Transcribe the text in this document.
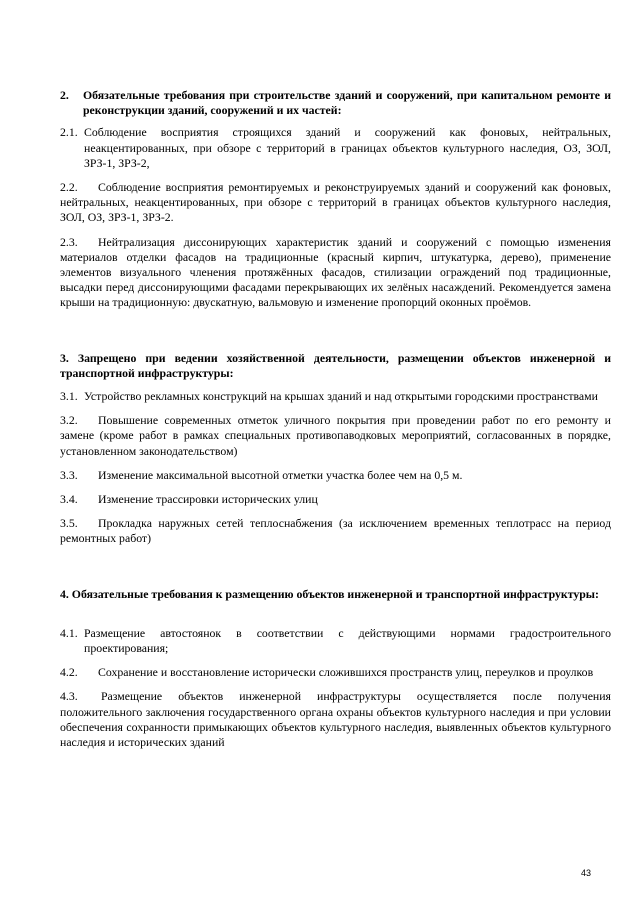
2. Обязательные требования при строительстве зданий и сооружений, при капитальном ремонте и реконструкции зданий, сооружений и их частей:

2.1. Соблюдение восприятия строящихся зданий и сооружений как фоновых, нейтральных, неакцентированных, при обзоре с территорий в границах объектов культурного наследия, ОЗ, ЗОЛ, ЗРЗ-1, ЗРЗ-2,

2.2. Соблюдение восприятия ремонтируемых и реконструируемых зданий и сооружений как фоновых, нейтральных, неакцентированных, при обзоре с территорий в границах объектов культурного наследия, ЗОЛ, ОЗ, ЗРЗ-1, ЗРЗ-2.

2.3. Нейтрализация диссонирующих характеристик зданий и сооружений с помощью изменения материалов отделки фасадов на традиционные (красный кирпич, штукатурка, дерево), применение элементов визуального членения протяжённых фасадов, стилизации ограждений под традиционные, высадки перед диссонирующими фасадами перекрывающих их зелёных насаждений. Рекомендуется замена крыши на традиционную: двускатную, вальмовую и изменение пропорций оконных проёмов.

3. Запрещено при ведении хозяйственной деятельности, размещении объектов инженерной и транспортной инфраструктуры:

3.1. Устройство рекламных конструкций на крышах зданий и над открытыми городскими пространствами

3.2. Повышение современных отметок уличного покрытия при проведении работ по его ремонту и замене (кроме работ в рамках специальных противопаводковых мероприятий, согласованных в порядке, установленном законодательством)

3.3. Изменение максимальной высотной отметки участка более чем на 0,5 м.

3.4. Изменение трассировки исторических улиц

3.5. Прокладка наружных сетей теплоснабжения (за исключением временных теплотрасс на период ремонтных работ)

4. Обязательные требования к размещению объектов инженерной и транспортной инфраструктуры:

4.1. Размещение автостоянок в соответствии с действующими нормами градостроительного проектирования;

4.2. Сохранение и восстановление исторически сложившихся пространств улиц, переулков и проулков

4.3. Размещение объектов инженерной инфраструктуры осуществляется после получения положительного заключения государственного органа охраны объектов культурного наследия и при условии обеспечения сохранности примыкающих объектов культурного наследия, выявленных объектов культурного наследия и исторических зданий

43
